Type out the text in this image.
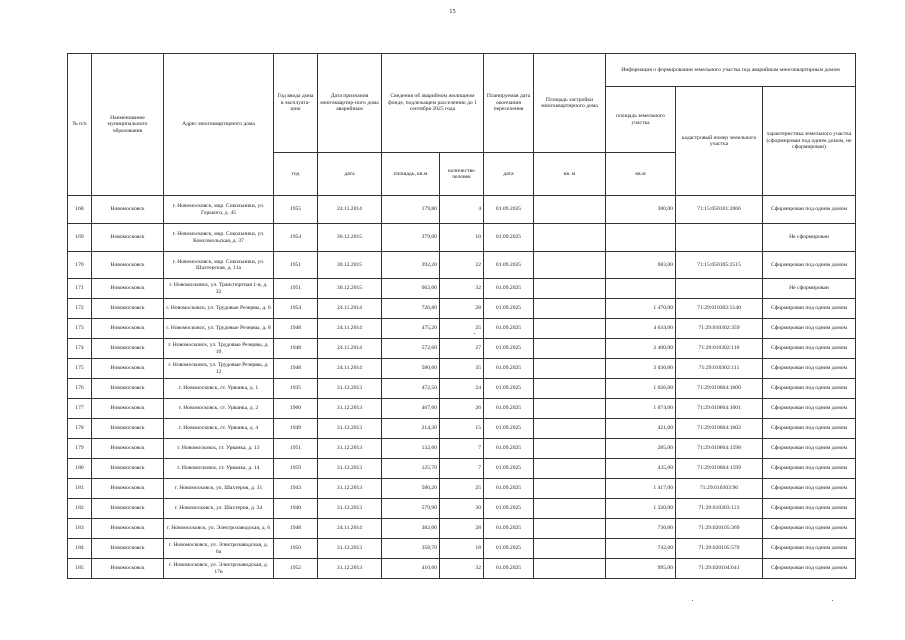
15
№ п/п	Наименование муниципального образования	Адрес многоквартирного дома	Год ввода дома в эксплуата-цию	Дата признания многоквартир-ного дома аварийным	Сведения об аварийном жилищном фонде, подлежащем расселению до 1 сентября 2025 года		Планируемая дата окончания переселения	Площадь застройки многоквартирного дома	Информация о формировании земельного участка под аварийным многоквартирным домом		
									площадь земельного участка	кадастровый номер земельного участка	характеристика земельного участка (сформирован под одним домом, не сформирован)
			год	дата	площадь, кв.м	количество человек	дата	кв. м	кв.м		
168	Новомосковск	г. Новомосковск, мкр. Сокольники, ул. Горького, д. 45	1955	24.11.2014	179,80	4	01.09.2025		300,00	71:15:050101:2066	Сформирован под одним домом
169	Новомосковск	г. Новомосковск, мкр. Сокольники, ул. Комсомольская, д. 37	1954	30.12.2015	379,00	10	01.09.2025				Не сформирован
170	Новомосковск	г. Новомосковск, мкр. Сокольники, ул. Шахтерская, д. 11а	1951	30.12.2015	392,20	22	01.09.2025		683,00	71:15:050105:2515	Сформирован под одним домом
171	Новомосковск	г. Новомосковск, ул. Транспортная 1-я, д. 32	1951	30.12.2015	662,00	32	01.09.2025				Не сформирован
172	Новомосковск	г. Новомосковск, ул. Трудовые Резервы, д. 6	1954	24.11.2014	726,80	28	01.09.2025		1 470,00	71:29:010302:5140	Сформирован под одним домом
173	Новомосковск	г. Новомосковск, ул. Трудовые Резервы, д. 8	1948	24.11.2014	475,20	25	01.09.2025		4 634,00	71:29:010302:359	Сформирован под одним домом
174	Новомосковск	г. Новомосковск, ул. Трудовые Резервы, д. 10	1948	24.11.2014	572,60	27	01.09.2025		2 400,00	71:29:010302:110	Сформирован под одним домом
175	Новомосковск	г. Новомосковск, ул. Трудовые Резервы, д. 12	1948	24.11.2014	580,60	35	01.09.2025		3 036,00	71:29:010302:111	Сформирован под одним домом
176	Новомосковск	г. Новомосковск, ст. Урванка, д. 1	1935	31.12.2013	472,50	24	01.09.2025		1 026,00	71:29:010604:1600	Сформирован под одним домом
177	Новомосковск	г. Новомосковск, ст. Урванка, д. 2	1960	31.12.2013	467,60	26	01.09.2025		1 074,00	71:29:010604:1601	Сформирован под одним домом
178	Новомосковск	г. Новомосковск, ст. Урванка, д. 4	1949	31.12.2013	214,30	15	01.09.2025		421,00	71:29:010604:1602	Сформирован под одним домом
179	Новомосковск	г. Новомосковск, ст. Урванка, д. 13	1951	31.12.2013	132,60	7	01.09.2025		285,00	71:29:010604:1598	Сформирован под одним домом
180	Новомосковск	г. Новомосковск, ст. Урванка, д. 14	1959	31.12.2013	125,70	7	01.09.2025		435,00	71:29:010604:1599	Сформирован под одним домом
181	Новомосковск	г. Новомосковск, ул. Шахтеров, д. 31	1943	31.12.2013	586,20	25	01.09.2025		1 417,00	71:29:010303:96	Сформирован под одним домом
182	Новомосковск	г. Новомосковск, ул. Шахтеров, д. 34	1940	31.12.2013	579,90	30	01.09.2025		1 320,00	71:29:010303:123	Сформирован под одним домом
183	Новомосковск	г. Новомосковск, ул. Электрозаводская, д. 6	1948	24.11.2014	382,00	28	01.09.2025		736,00	71:29:020105:369	Сформирован под одним домом
184	Новомосковск	г. Новомосковск, ул. Электрозаводская, д. 6а	1950	31.12.2013	358,70	18	01.09.2025		742,00	71:29:020105:570	Сформирован под одним домом
185	Новомосковск	г. Новомосковск, ул. Электрозаводская, д. 17в	1952	31.12.2013	410,60	32	01.09.2025		995,00	71:29:020104:641	Сформирован под одним домом
